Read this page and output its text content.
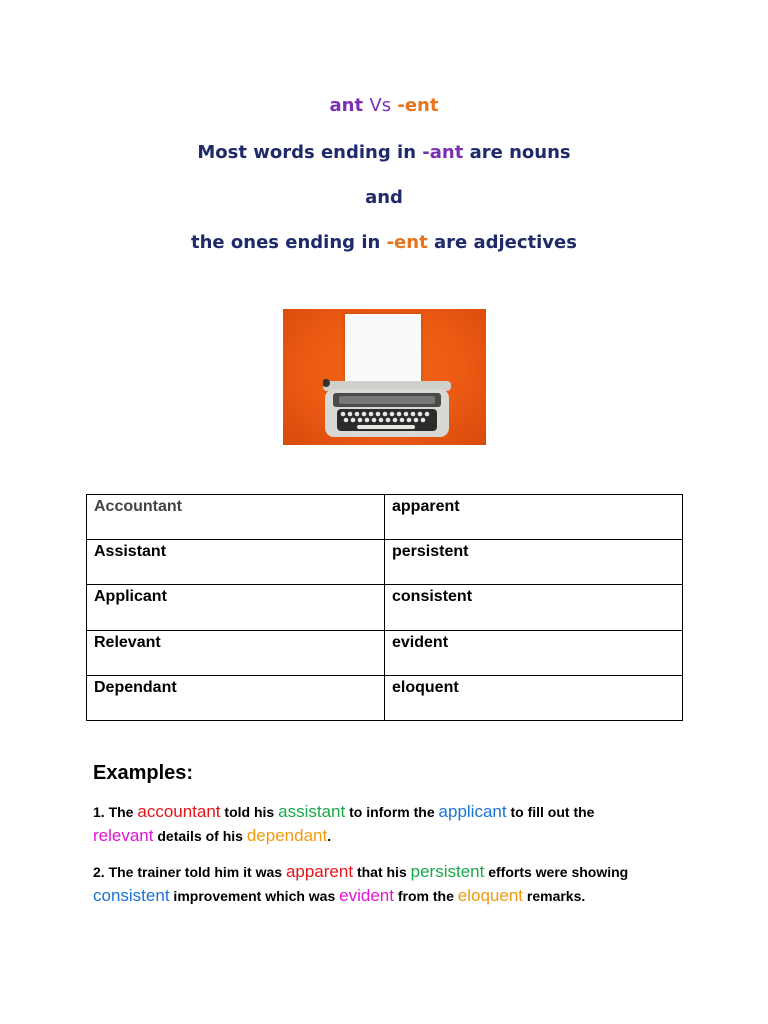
ant Vs -ent
Most words ending in -ant are nouns
and
the ones ending in -ent are adjectives
Accountant	apparent
Assistant	persistent
Applicant	consistent
Relevant	evident
Dependant	eloquent
Examples:
1. The accountant told his assistant to inform the applicant to fill out the
relevant details of his dependant.
2. The trainer told him it was apparent that his persistent efforts were showing
consistent improvement which was evident from the eloquent remarks.
